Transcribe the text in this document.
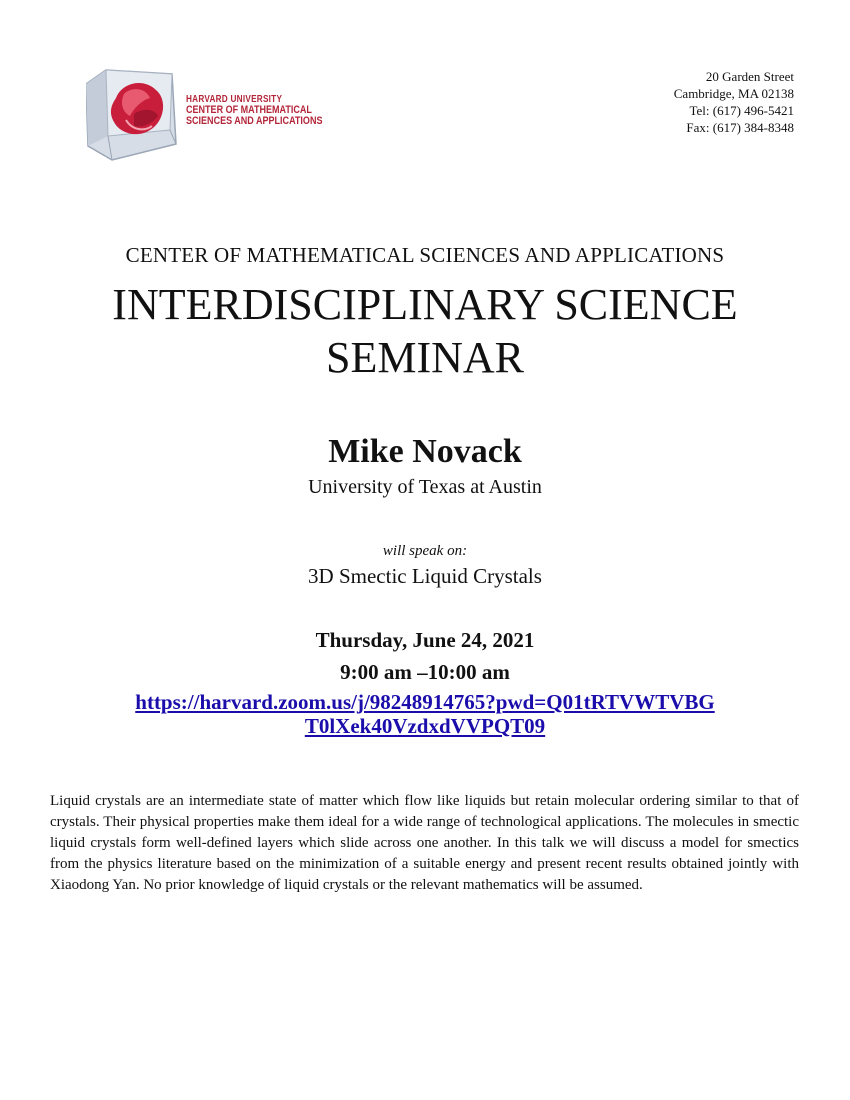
HARVARD UNIVERSITY
CENTER OF MATHEMATICAL
SCIENCES AND APPLICATIONS
20 Garden Street
Cambridge, MA 02138
Tel: (617) 496-5421
Fax: (617) 384-8348
CENTER OF MATHEMATICAL SCIENCES AND APPLICATIONS
INTERDISCIPLINARY SCIENCE
SEMINAR
Mike Novack
University of Texas at Austin
will speak on:
3D Smectic Liquid Crystals
Thursday, June 24, 2021
9:00 am –10:00 am
https://harvard.zoom.us/j/98248914765?pwd=Q01tRTVWTVBG
T0lXek40VzdxdVVPQT09
Liquid crystals are an intermediate state of matter which flow like liquids but retain molecular ordering similar to that of crystals. Their physical properties make them ideal for a wide range of technological applications. The molecules in smectic liquid crystals form well-defined layers which slide across one another. In this talk we will discuss a model for smectics from the physics literature based on the minimization of a suitable energy and present recent results obtained jointly with Xiaodong Yan. No prior knowledge of liquid crystals or the relevant mathematics will be assumed.
